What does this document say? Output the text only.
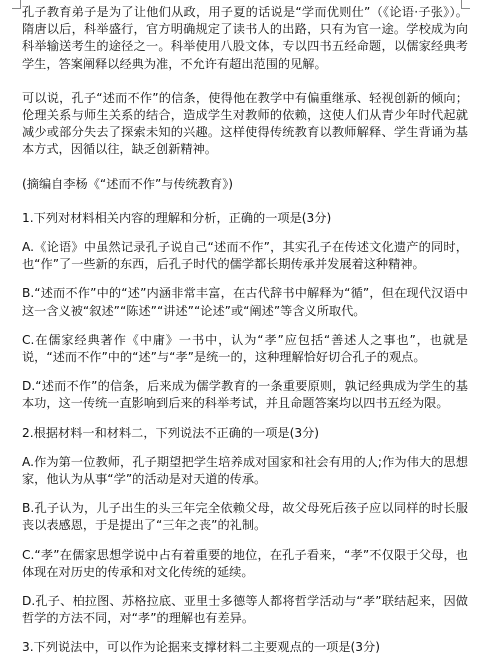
孔子教育弟子是为了让他们从政，用子夏的话说是“学而优则仕”（《论语·子张》）。隋唐以后，科举盛行，官方明确规定了读书人的出路，只有为官一途。学校成为向科举输送考生的途径之一。科举使用八股文体，专以四书五经命题，以儒家经典考学生，答案阐释以经典为准，不允许有超出范围的见解。

可以说，孔子“述而不作”的信条，使得他在教学中有偏重继承、轻视创新的倾向；伦理关系与师生关系的结合，造成学生对教师的依赖，这使人们从青少年时代起就减少或部分失去了探索未知的兴趣。这样使得传统教育以教师解释、学生背诵为基本方式，因循以往，缺乏创新精神。

(摘编自李杨《“述而不作”与传统教育》)

1.下列对材料相关内容的理解和分析，正确的一项是(3分)

A.《论语》中虽然记录孔子说自己“述而不作”，其实孔子在传述文化遗产的同时，也“作”了一些新的东西，后孔子时代的儒学都长期传承并发展着这种精神。

B.“述而不作”中的“述”内涵非常丰富，在古代辞书中解释为“循”，但在现代汉语中这一含义被“叙述”“陈述”“讲述”“论述”或“阐述”等含义所取代。

C.在儒家经典著作《中庸》一书中，认为“孝”应包括“善述人之事也”，也就是说，“述而不作”中的“述”与“孝”是统一的，这种理解恰好切合孔子的观点。

D.“述而不作”的信条，后来成为儒学教育的一条重要原则，孰记经典成为学生的基本功，这一传统一直影响到后来的科举考试，并且命题答案均以四书五经为限。

2.根据材料一和材料二，下列说法不正确的一项是(3分)

A.作为第一位教师，孔子期望把学生培养成对国家和社会有用的人;作为伟大的思想家，他认为从事“学”的活动是对天道的传承。

B.孔子认为，儿子出生的头三年完全依赖父母，故父母死后孩子应以同样的时长服丧以表感恩，于是提出了“三年之丧”的礼制。

C.“孝”在儒家思想学说中占有着重要的地位，在孔子看来，“孝”不仅限于父母，也体现在对历史的传承和对文化传统的延续。

D.孔子、柏拉图、苏格拉底、亚里士多德等人都将哲学活动与“孝”联结起来，因做哲学的方法不同，对“孝”的理解也有差异。

3.下列说法中，可以作为论据来支撑材料二主要观点的一项是(3分)
